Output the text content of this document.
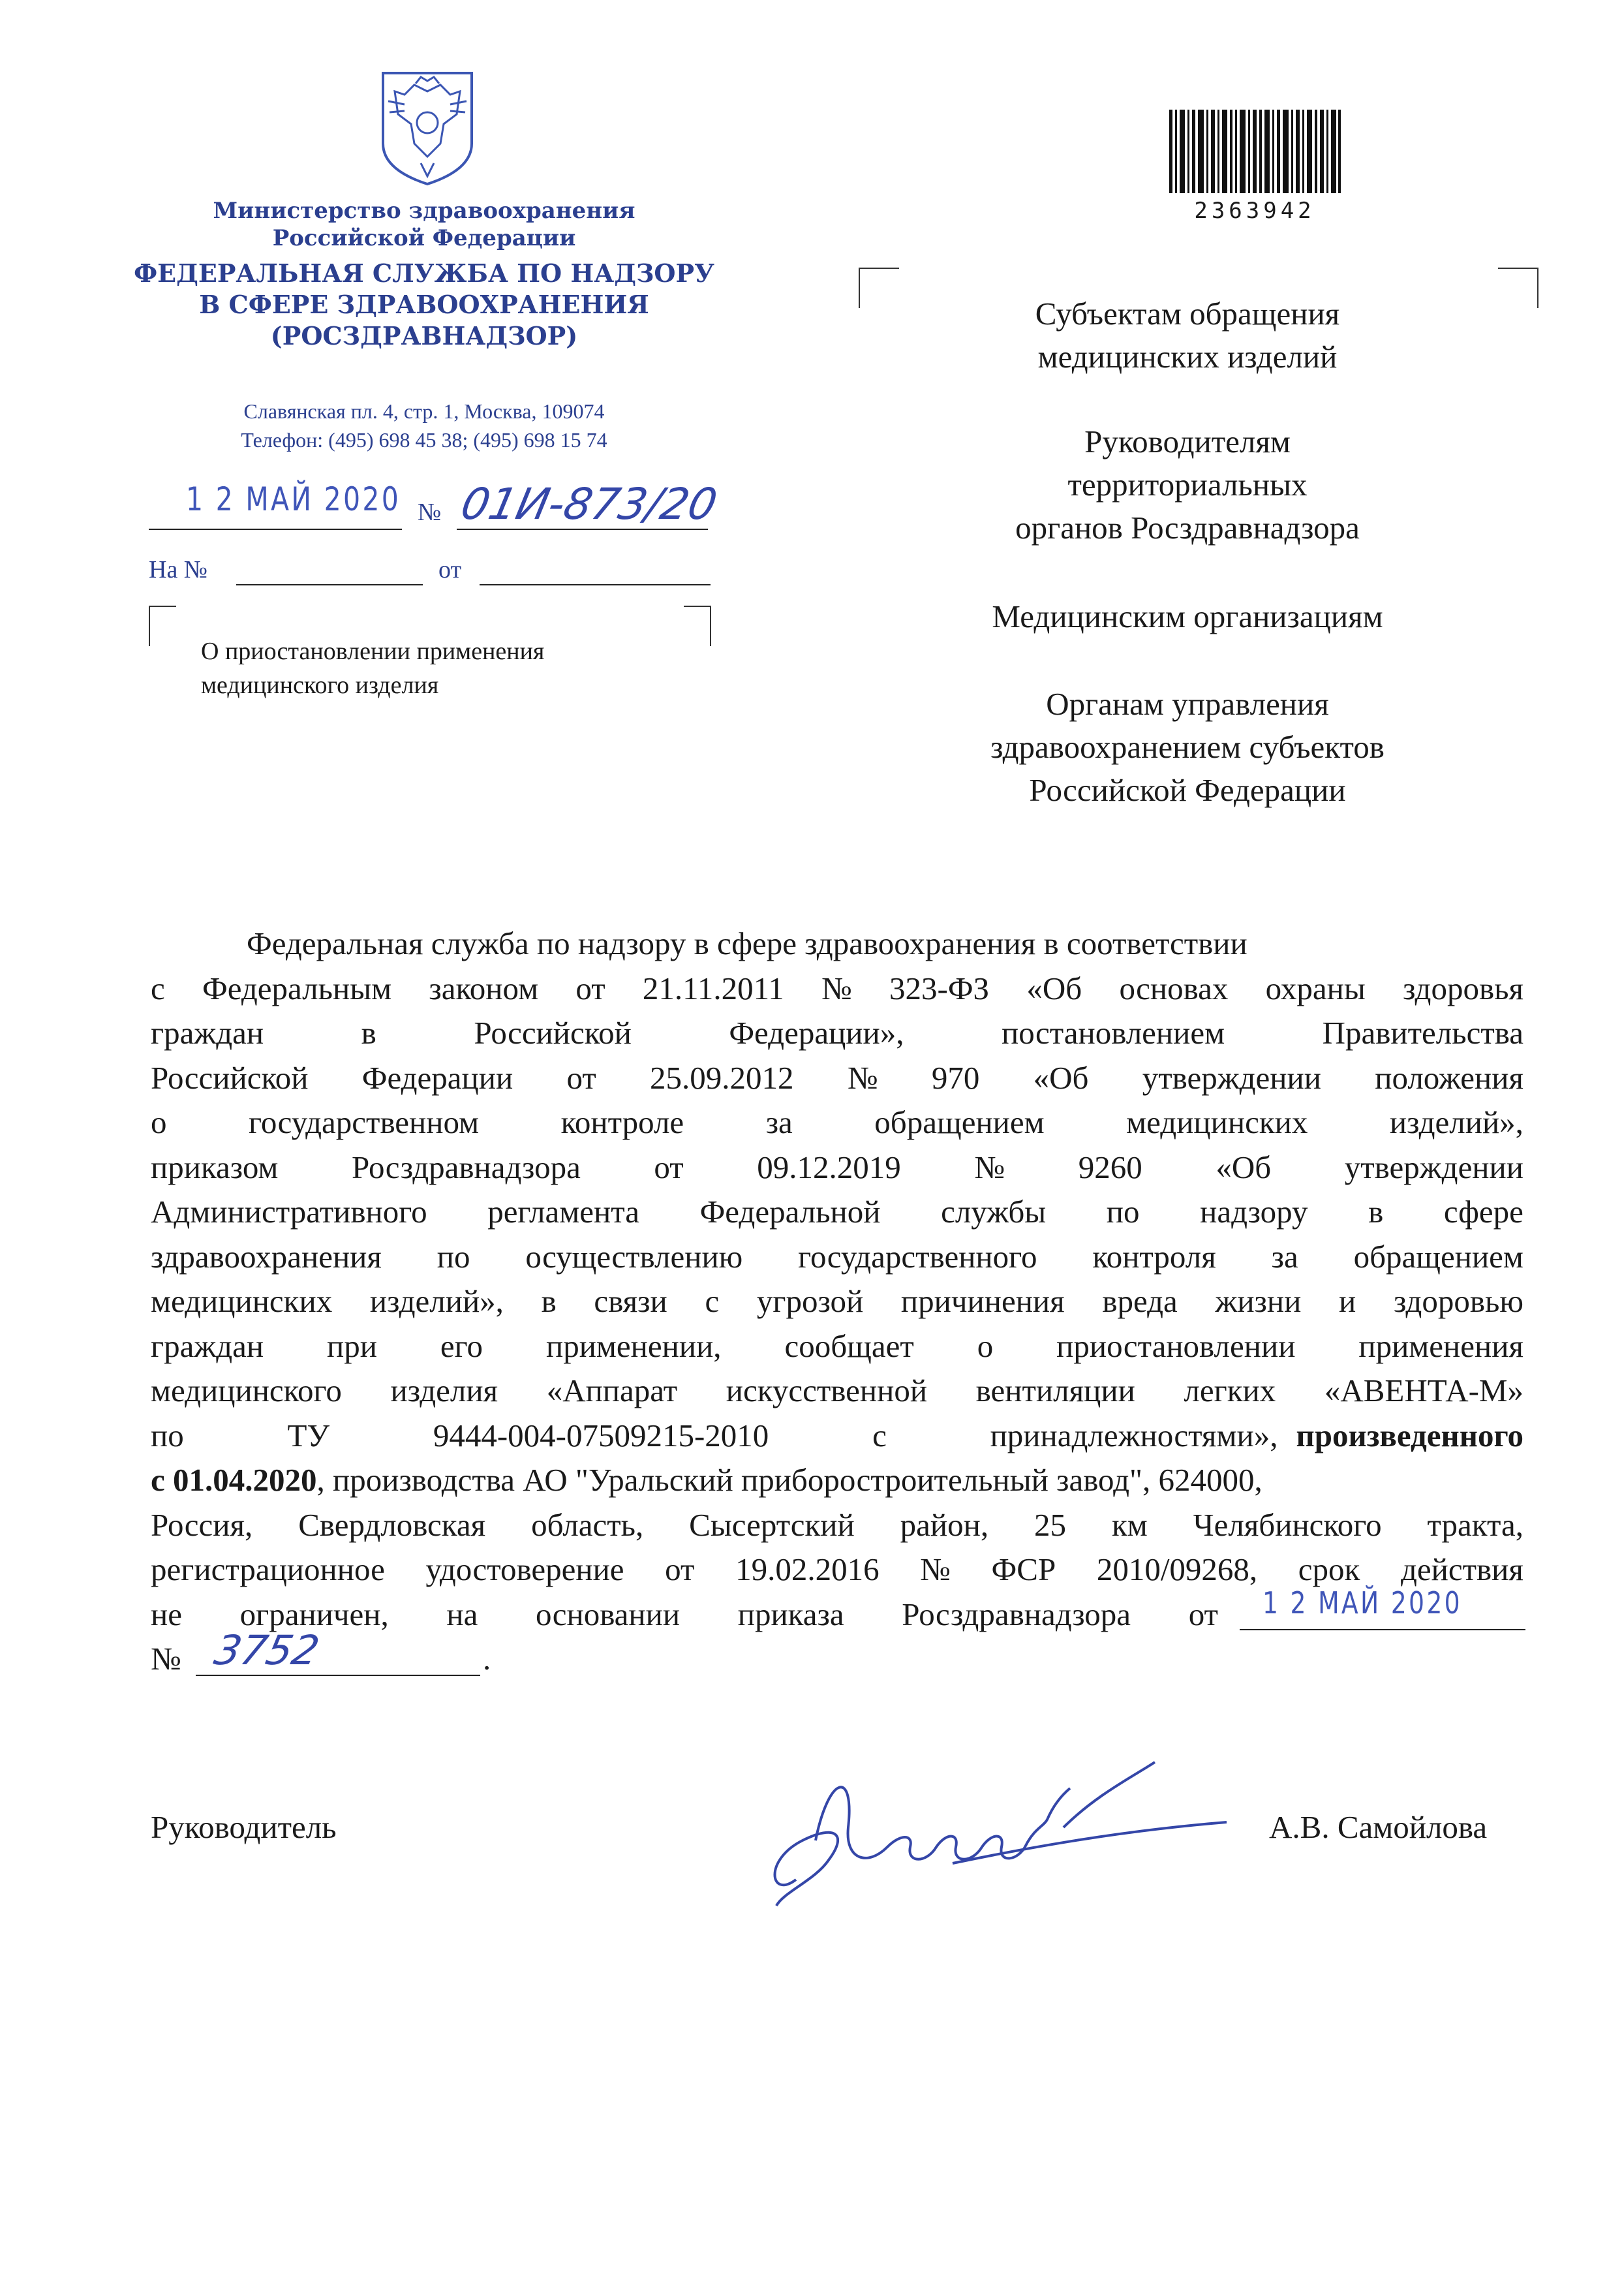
2363942
Министерство здравоохранения
Российской Федерации
ФЕДЕРАЛЬНАЯ СЛУЖБА ПО НАДЗОРУ
В СФЕРЕ ЗДРАВООХРАНЕНИЯ
(РОСЗДРАВНАДЗОР)
Славянская пл. 4, стр. 1, Москва, 109074
Телефон: (495) 698 45 38; (495) 698 15 74
1 2 МАЙ 2020 № 01И-873/20
На №	от
О приостановлении применения
медицинского изделия
Субъектам обращения
медицинских изделий
Руководителям
территориальных
органов Росздравнадзора
Медицинским организациям
Органам управления
здравоохранением субъектов
Российской Федерации
Федеральная служба по надзору в сфере здравоохранения в соответствии
с Федеральным законом от 21.11.2011 № 323-ФЗ «Об основах охраны здоровья
граждан	в	Российской	Федерации»,	постановлением	Правительства
Российской Федерации от 25.09.2012 № 970 «Об утверждении положения
о	государственном	контроле	за	обращением	медицинских	изделий»,
приказом Росздравнадзора от 09.12.2019 № 9260 «Об утверждении
Административного регламента Федеральной службы по надзору в сфере
здравоохранения по осуществлению государственного контроля за обращением
медицинских изделий», в связи с угрозой причинения вреда жизни и здоровью
граждан при его применении, сообщает о приостановлении применения
медицинского изделия «Аппарат искусственной вентиляции легких «АВЕНТА-М»
по	ТУ	9444-004-07509215-2010	с	принадлежностями», произведенного
с 01.04.2020, производства АО "Уральский приборостроительный завод", 624000,
Россия, Свердловская область, Сысертский район, 25 км Челябинского тракта,
регистрационное удостоверение от 19.02.2016 № ФСР 2010/09268, срок действия
не ограничен, на основании приказа Росздравнадзора от 1 2 МАЙ 2020
№ 3752	.
Руководитель	А.В. Самойлова
